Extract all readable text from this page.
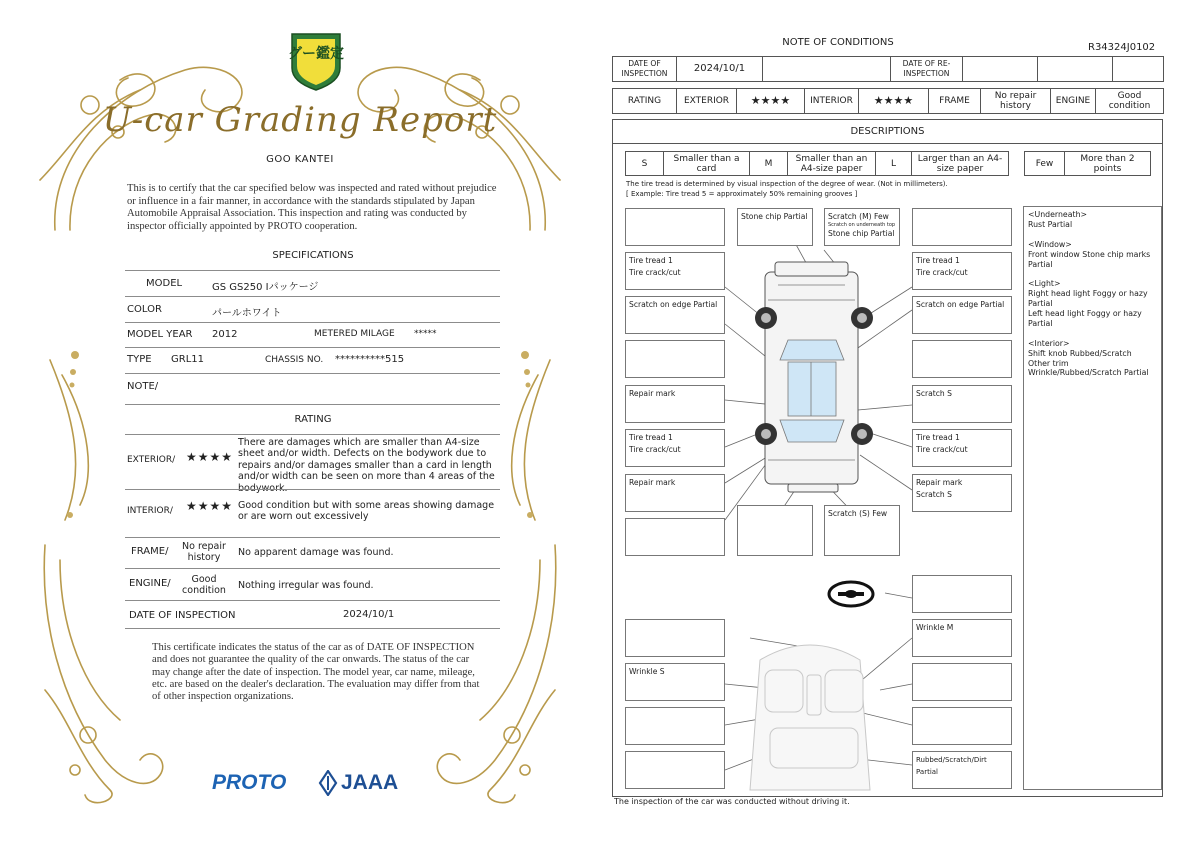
グー鑑定
U-car Grading Report
GOO KANTEI
This is to certify that the car specified below was inspected and rated without prejudice or influence in a fair manner, in accordance with the standards stipulated by Japan Automobile Appraisal Association. This inspection and rating was conducted by inspector officially appointed by PROTO cooperation.
SPECIFICATIONS
MODEL	GS GS250 Iパッケージ
COLOR	パールホワイト
MODEL YEAR 2012	METERED MILAGE *****
TYPE GRL11	CHASSIS NO. **********515
NOTE/
RATING
EXTERIOR/ ★★★★
There are damages which are smaller than A4-size sheet and/or width. Defects on the bodywork due to repairs and/or damages smaller than a card in length and/or width can be seen on more than 4 areas of the bodywork.
INTERIOR/ ★★★★ Good condition but with some areas showing damage or are worn out excessively
FRAME/	No repair history	No apparent damage was found.
ENGINE/	Good condition	Nothing irregular was found.
DATE OF INSPECTION	2024/10/1
This certificate indicates the status of the car as of DATE OF INSPECTION and does not guarantee the quality of the car onwards. The status of the car may change after the date of inspection. The model year, car name, mileage, etc. are based on the dealer's declaration. The evaluation may differ from that of other inspection organizations.
PROTO	JAAA
NOTE OF CONDITIONS	R34324J0102
DATE OF INSPECTION	2024/10/1		DATE OF RE-INSPECTION			
RATING	EXTERIOR	★★★★	INTERIOR	★★★★	FRAME	No repair history	ENGINE	Good condition
DESCRIPTIONS
S	Smaller than a card	M	Smaller than an A4-size paper	L	Larger than an A4-size paper	Few	More than 2 points
The tire tread is determined by visual inspection of the degree of wear. (Not in millimeters).
[ Example: Tire tread 5 = approximately 50% remaining grooves ]
Stone chip Partial	Scratch (M) Few
Scratch on underneath top
Stone chip Partial
Tire tread 1
Tire crack/cut
Tire tread 1
Tire crack/cut
Scratch on edge Partial	Scratch on edge Partial
Repair mark	Scratch S
Tire tread 1
Tire crack/cut
Tire tread 1
Tire crack/cut
Repair mark	Repair mark
Scratch S
Scratch (S) Few
Wrinkle M
Wrinkle S
Rubbed/Scratch/Dirt Partial
<Underneath>
Rust Partial
<Window>
Front window Stone chip marks Partial
<Light>
Right head light Foggy or hazy Partial
Left head light Foggy or hazy Partial
<Interior>
Shift knob Rubbed/Scratch
Other trim
Wrinkle/Rubbed/Scratch Partial
The inspection of the car was conducted without driving it.
